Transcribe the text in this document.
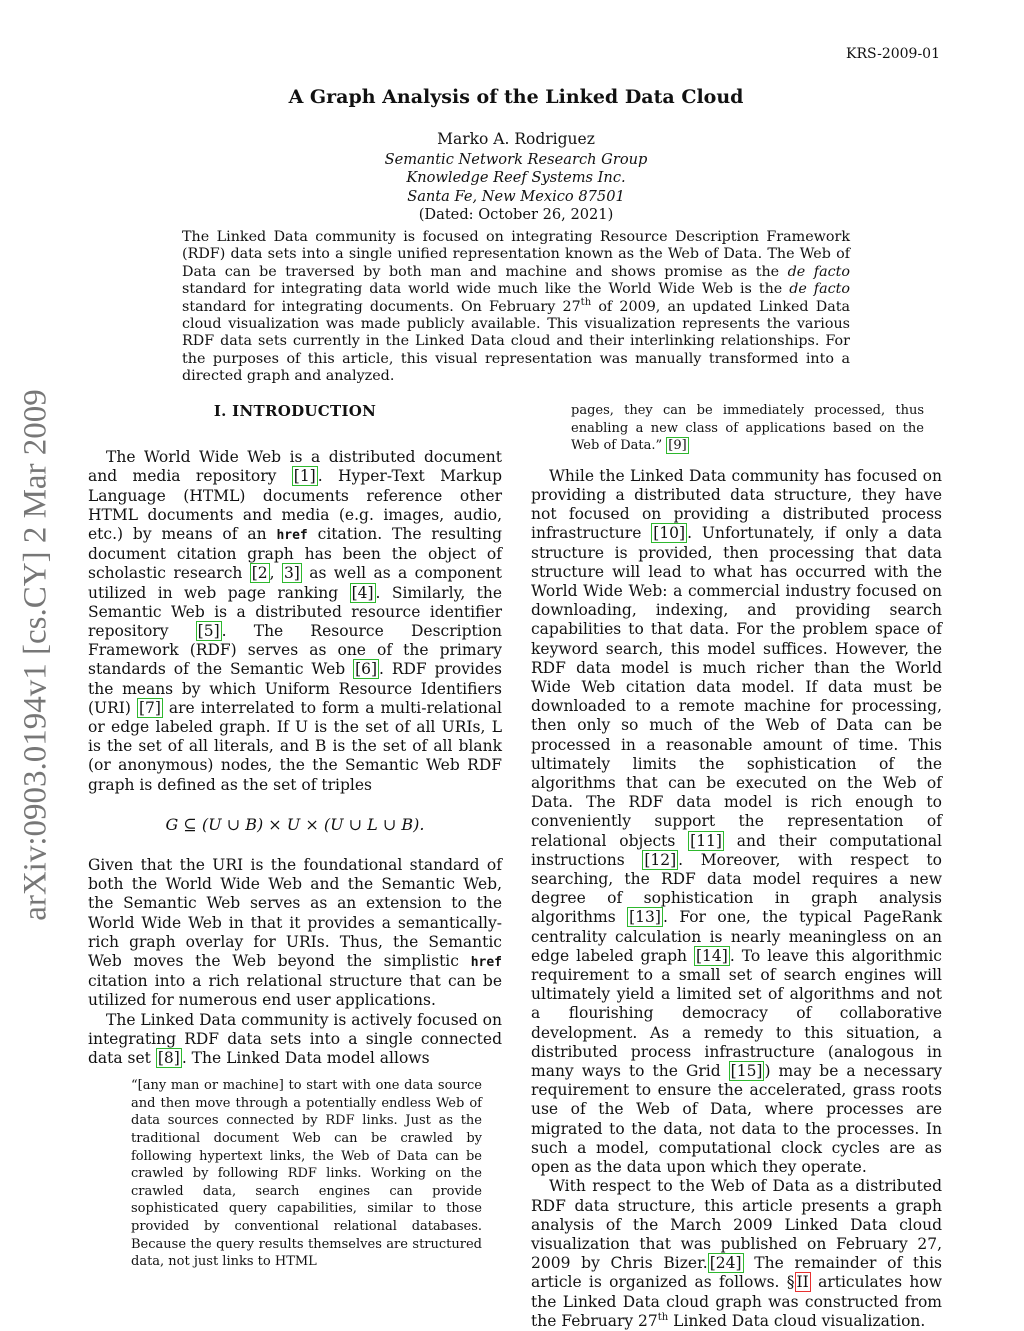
KRS-2009-01
arXiv:0903.0194v1 [cs.CY] 2 Mar 2009
A Graph Analysis of the Linked Data Cloud
Marko A. Rodriguez
Semantic Network Research Group
Knowledge Reef Systems Inc.
Santa Fe, New Mexico 87501
(Dated: October 26, 2021)

The Linked Data community is focused on integrating Resource Description Framework (RDF) data sets into a single unified representation known as the Web of Data. The Web of Data can be traversed by both man and machine and shows promise as the de facto standard for integrating data world wide much like the World Wide Web is the de facto standard for integrating documents. On February 27th of 2009, an updated Linked Data cloud visualization was made publicly available. This visualization represents the various RDF data sets currently in the Linked Data cloud and their interlinking relationships. For the purposes of this article, this visual representation was manually transformed into a directed graph and analyzed.

I. INTRODUCTION

The World Wide Web is a distributed document and media repository [1] . Hyper-Text Markup Language (HTML) documents reference other HTML documents and media (e.g. images, audio, etc.) by means of an href citation. The resulting document citation graph has been the object of scholastic research [2 , 3] as well as a component utilized in web page ranking [4] . Similarly, the Semantic Web is a distributed resource identifier repository [5] . The Resource Description Framework (RDF) serves as one of the primary standards of the Semantic Web [6] . RDF provides the means by which Uniform Resource Identifiers (URI) [7] are interrelated to form a multi-relational or edge labeled graph. If U is the set of all URIs, L is the set of all literals, and B is the set of all blank (or anonymous) nodes, the the Semantic Web RDF graph is defined as the set of triples

G ⊆ (U ∪ B) × U × (U ∪ L ∪ B).

Given that the URI is the foundational standard of both the World Wide Web and the Semantic Web, the Semantic Web serves as an extension to the World Wide Web in that it provides a semantically-rich graph overlay for URIs. Thus, the Semantic Web moves the Web beyond the simplistic href citation into a rich relational structure that can be utilized for numerous end user applications.

The Linked Data community is actively focused on integrating RDF data sets into a single connected data set [8] . The Linked Data model allows

“[any man or machine] to start with one data source and then move through a potentially endless Web of data sources connected by RDF links. Just as the traditional document Web can be crawled by following hypertext links, the Web of Data can be crawled by following RDF links. Working on the crawled data, search engines can provide sophisticated query capabilities, similar to those provided by conventional relational databases. Because the query results themselves are structured data, not just links to HTML
pages, they can be immediately processed, thus enabling a new class of applications based on the Web of Data.” [9]

While the Linked Data community has focused on providing a distributed data structure, they have not focused on providing a distributed process infrastructure [10] . Unfortunately, if only a data structure is provided, then processing that data structure will lead to what has occurred with the World Wide Web: a commercial industry focused on downloading, indexing, and providing search capabilities to that data. For the problem space of keyword search, this model suffices. However, the RDF data model is much richer than the World Wide Web citation data model. If data must be downloaded to a remote machine for processing, then only so much of the Web of Data can be processed in a reasonable amount of time. This ultimately limits the sophistication of the algorithms that can be executed on the Web of Data. The RDF data model is rich enough to conveniently support the representation of relational objects [11] and their computational instructions [12] . Moreover, with respect to searching, the RDF data model requires a new degree of sophistication in graph analysis algorithms [13] . For one, the typical PageRank centrality calculation is nearly meaningless on an edge labeled graph [14] . To leave this algorithmic requirement to a small set of search engines will ultimately yield a limited set of algorithms and not a flourishing democracy of collaborative development. As a remedy to this situation, a distributed process infrastructure (analogous in many ways to the Grid [15] ) may be a necessary requirement to ensure the accelerated, grass roots use of the Web of Data, where processes are migrated to the data, not data to the processes. In such a model, computational clock cycles are as open as the data upon which they operate.

With respect to the Web of Data as a distributed RDF data structure, this article presents a graph analysis of the March 2009 Linked Data cloud visualization that was published on February 27, 2009 by Chris Bizer. [24] The remainder of this article is organized as follows. § II articulates how the Linked Data cloud graph was constructed from the February 27th Linked Data cloud visualization.
